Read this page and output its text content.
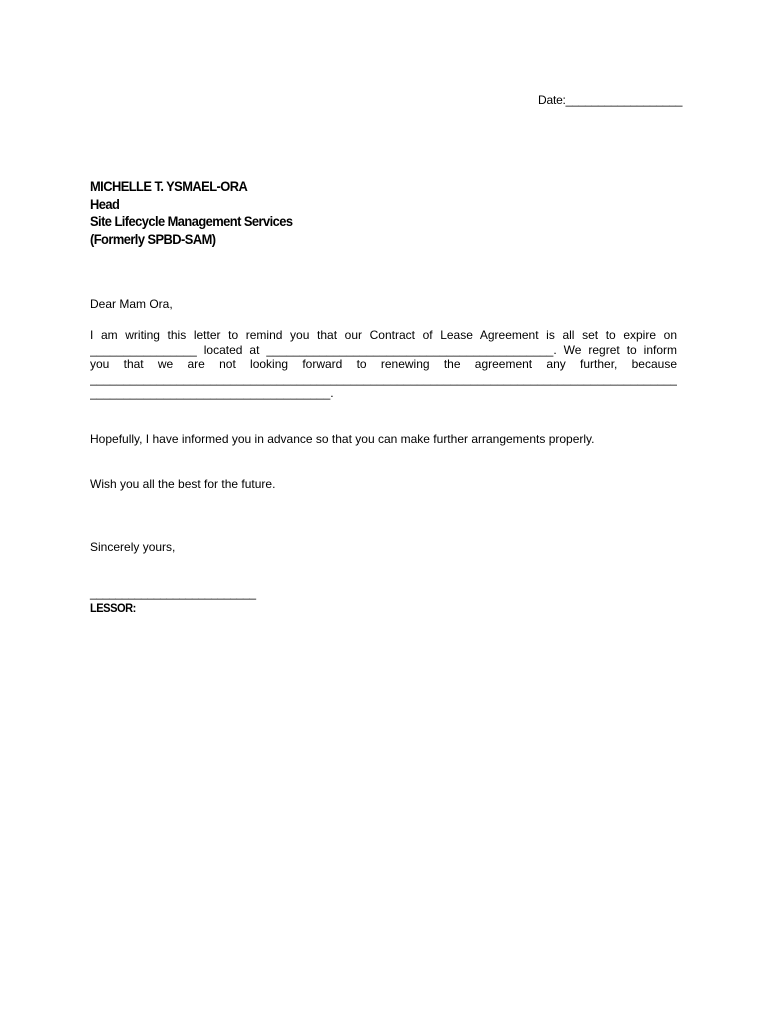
Date:__________________
MICHELLE T. YSMAEL-ORA
Head
Site Lifecycle Management Services
(Formerly SPBD-SAM)
Dear Mam Ora,
I am writing this letter to remind you that our Contract of Lease Agreement is all set to expire on
________________ located at ___________________________________________. We regret to inform
you that we are not looking forward to renewing the agreement any further, because
________________________________________________________________________________________
____________________________________.
Hopefully, I have informed you in advance so that you can make further arrangements properly.
Wish you all the best for the future.
Sincerely yours,
__________________________
LESSOR:
